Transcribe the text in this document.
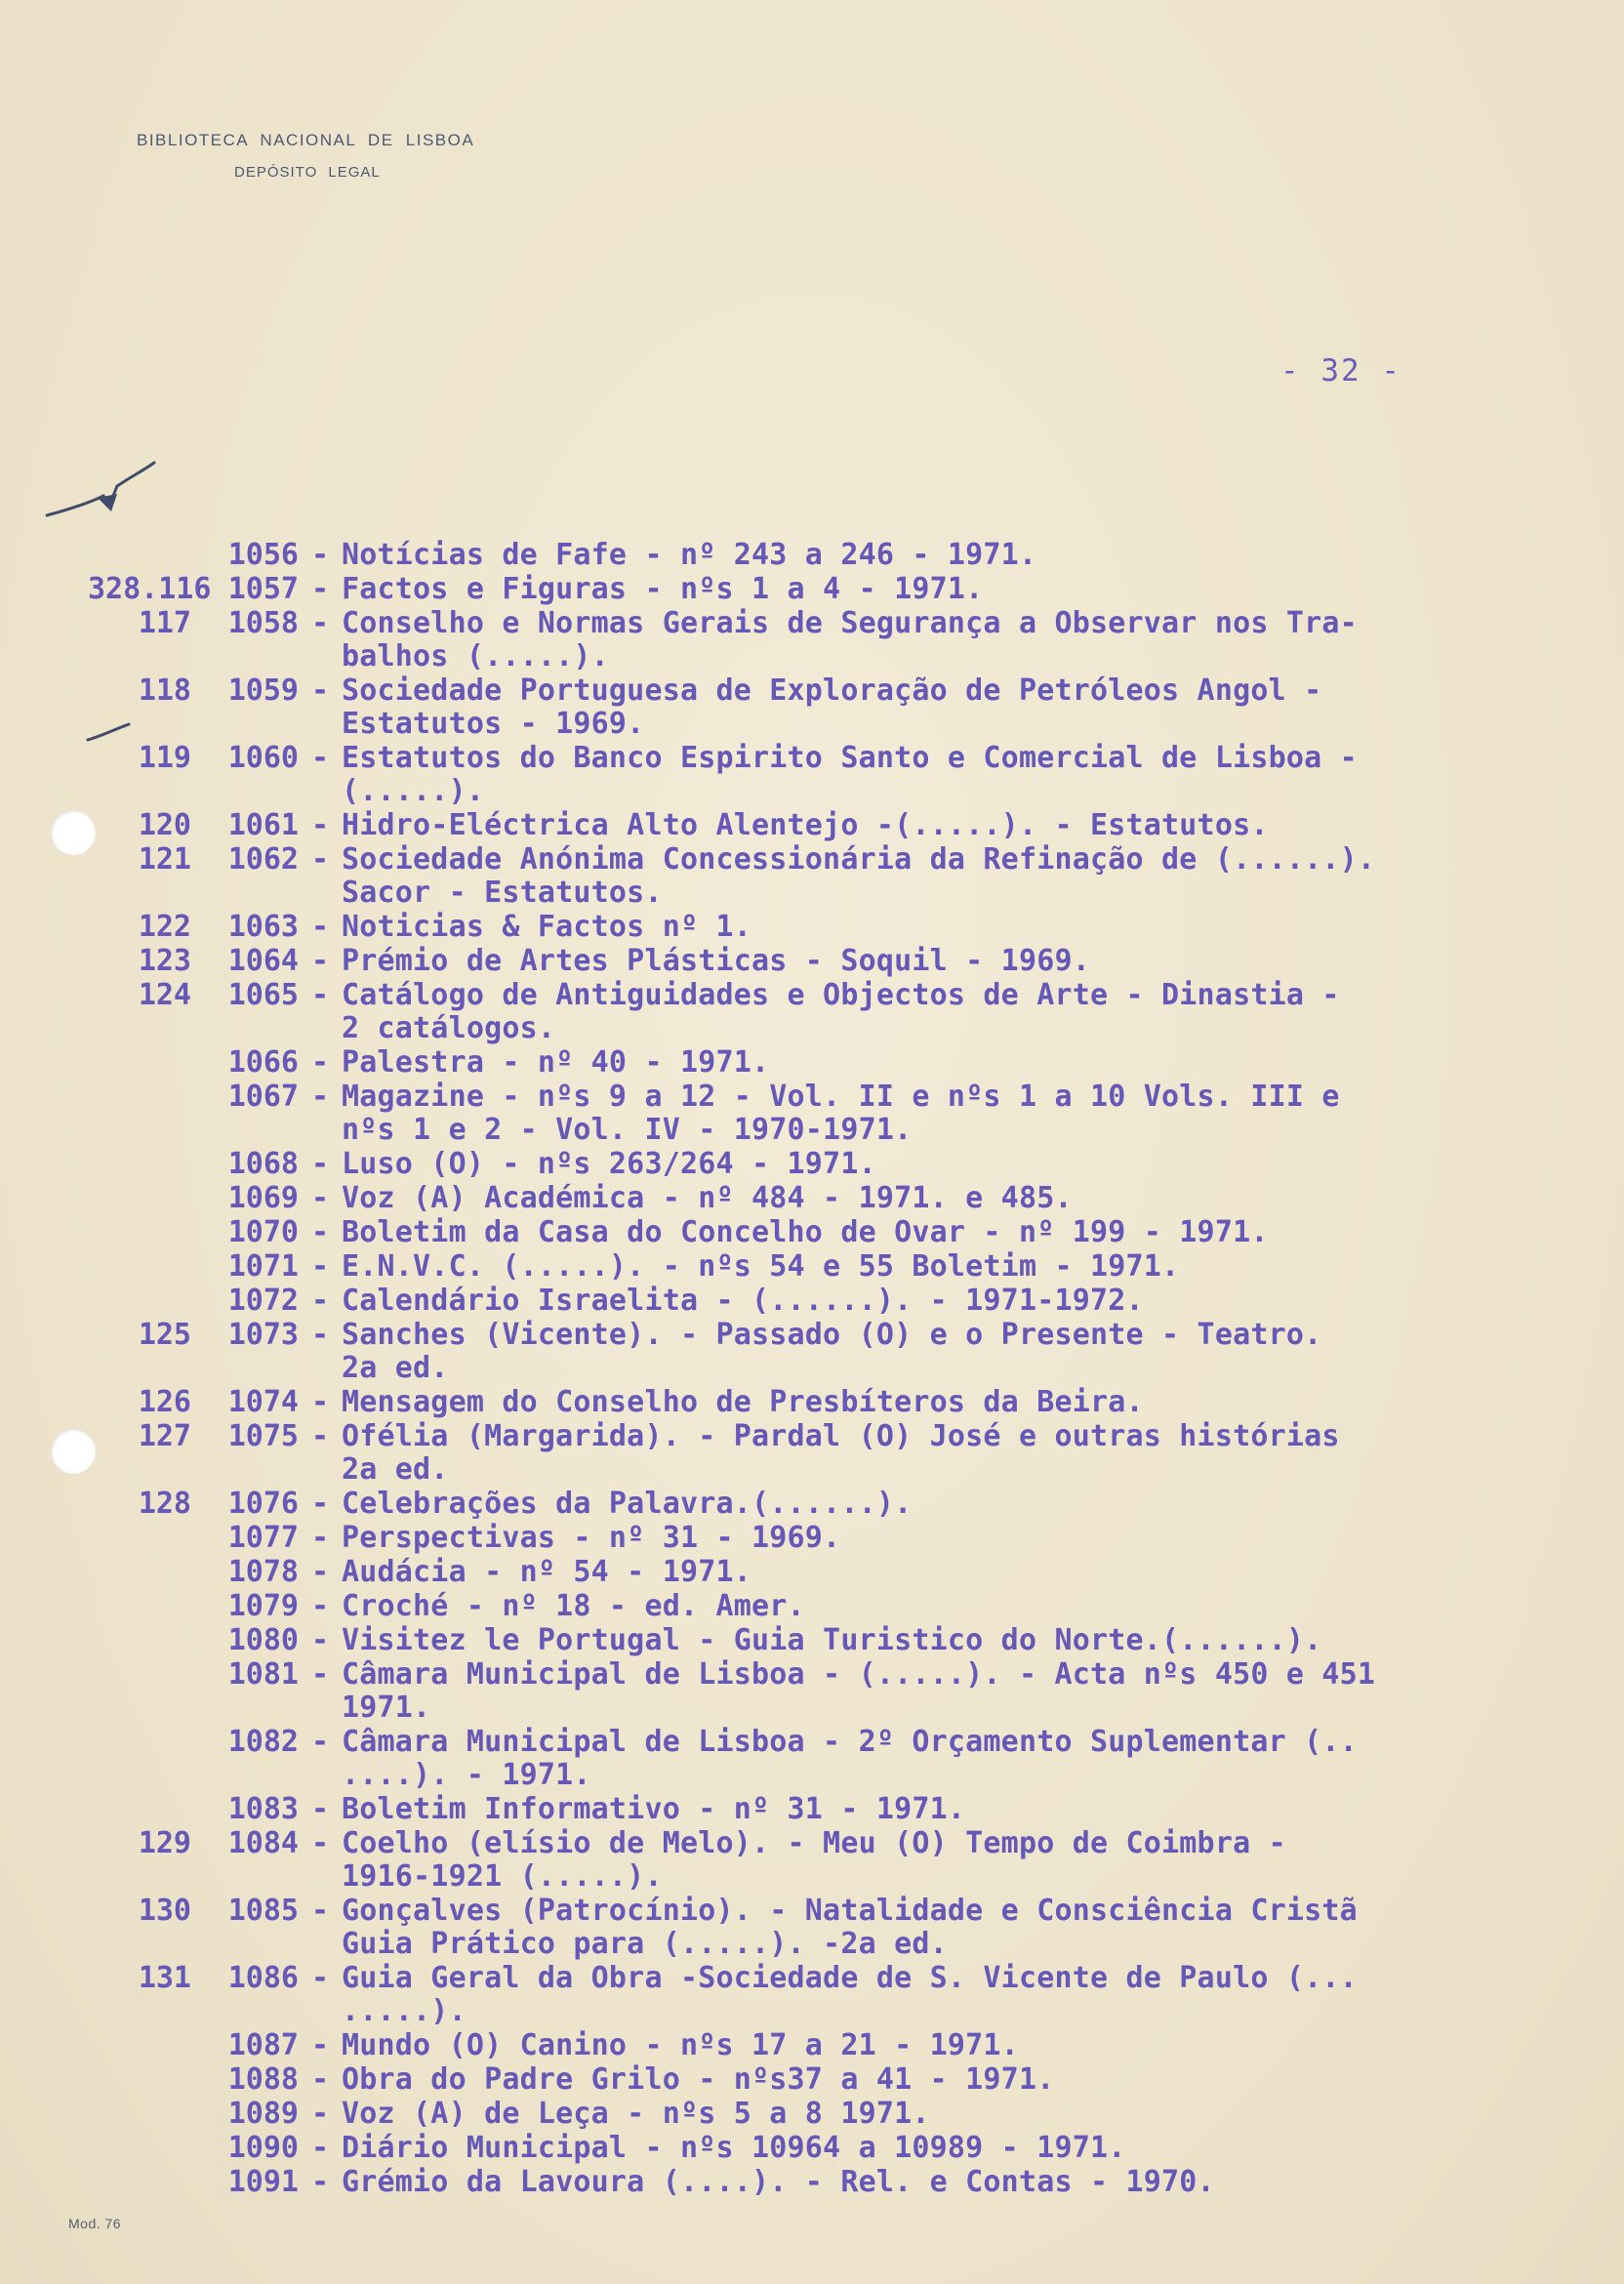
BIBLIOTECA NACIONAL DE LISBOA
DEPÓSITO LEGAL
- 32 -
1056 - Notícias de Fafe - nº 243 a 246 - 1971.
328.116 1057 - Factos e Figuras - nºs 1 a 4 - 1971.
117	1058 - Conselho e Normas Gerais de Segurança a Observar nos Tra-
balhos (.....).
118	1059 - Sociedade Portuguesa de Exploração de Petróleos Angol -
Estatutos - 1969.
119	1060 - Estatutos do Banco Espirito Santo e Comercial de Lisboa -
(.....).
120	1061 - Hidro-Eléctrica Alto Alentejo -(.....). - Estatutos.
121	1062 - Sociedade Anónima Concessionária da Refinação de (......).
Sacor - Estatutos.
122	1063 - Noticias & Factos nº 1.
123	1064 - Prémio de Artes Plásticas - Soquil - 1969.
124	1065 - Catálogo de Antiguidades e Objectos de Arte - Dinastia -
2 catálogos.
1066 - Palestra - nº 40 - 1971.
1067 - Magazine - nºs 9 a 12 - Vol. II e nºs 1 a 10 Vols. III e
nºs 1 e 2 - Vol. IV - 1970-1971.
1068 - Luso (O) - nºs 263/264 - 1971.
1069 - Voz (A) Académica - nº 484 - 1971. e 485.
1070 - Boletim da Casa do Concelho de Ovar - nº 199 - 1971.
1071 - E.N.V.C. (.....). - nºs 54 e 55 Boletim - 1971.
1072 - Calendário Israelita - (......). - 1971-1972.
125	1073 - Sanches (Vicente). - Passado (O) e o Presente - Teatro.
2a ed.
126	1074 - Mensagem do Conselho de Presbíteros da Beira.
127	1075 - Ofélia (Margarida). - Pardal (O) José e outras histórias
2a ed.
128	1076 - Celebrações da Palavra.(......).
1077 - Perspectivas - nº 31 - 1969.
1078 - Audácia - nº 54 - 1971.
1079 - Croché - nº 18 - ed. Amer.
1080 - Visitez le Portugal - Guia Turistico do Norte.(......).
1081 - Câmara Municipal de Lisboa - (.....). - Acta nºs 450 e 451
1971.
1082 - Câmara Municipal de Lisboa - 2º Orçamento Suplementar (..
....). - 1971.
1083 - Boletim Informativo - nº 31 - 1971.
129	1084 - Coelho (elísio de Melo). - Meu (O) Tempo de Coimbra -
1916-1921 (.....).
130	1085 - Gonçalves (Patrocínio). - Natalidade e Consciência Cristã
Guia Prático para (.....). -2a ed.
131	1086 - Guia Geral da Obra -Sociedade de S. Vicente de Paulo (...
.....).
1087 - Mundo (O) Canino - nºs 17 a 21 - 1971.
1088 - Obra do Padre Grilo - nºs37 a 41 - 1971.
1089 - Voz (A) de Leça - nºs 5 a 8 1971.
1090 - Diário Municipal - nºs 10964 a 10989 - 1971.
1091 - Grémio da Lavoura (....). - Rel. e Contas - 1970.
Mod. 76
